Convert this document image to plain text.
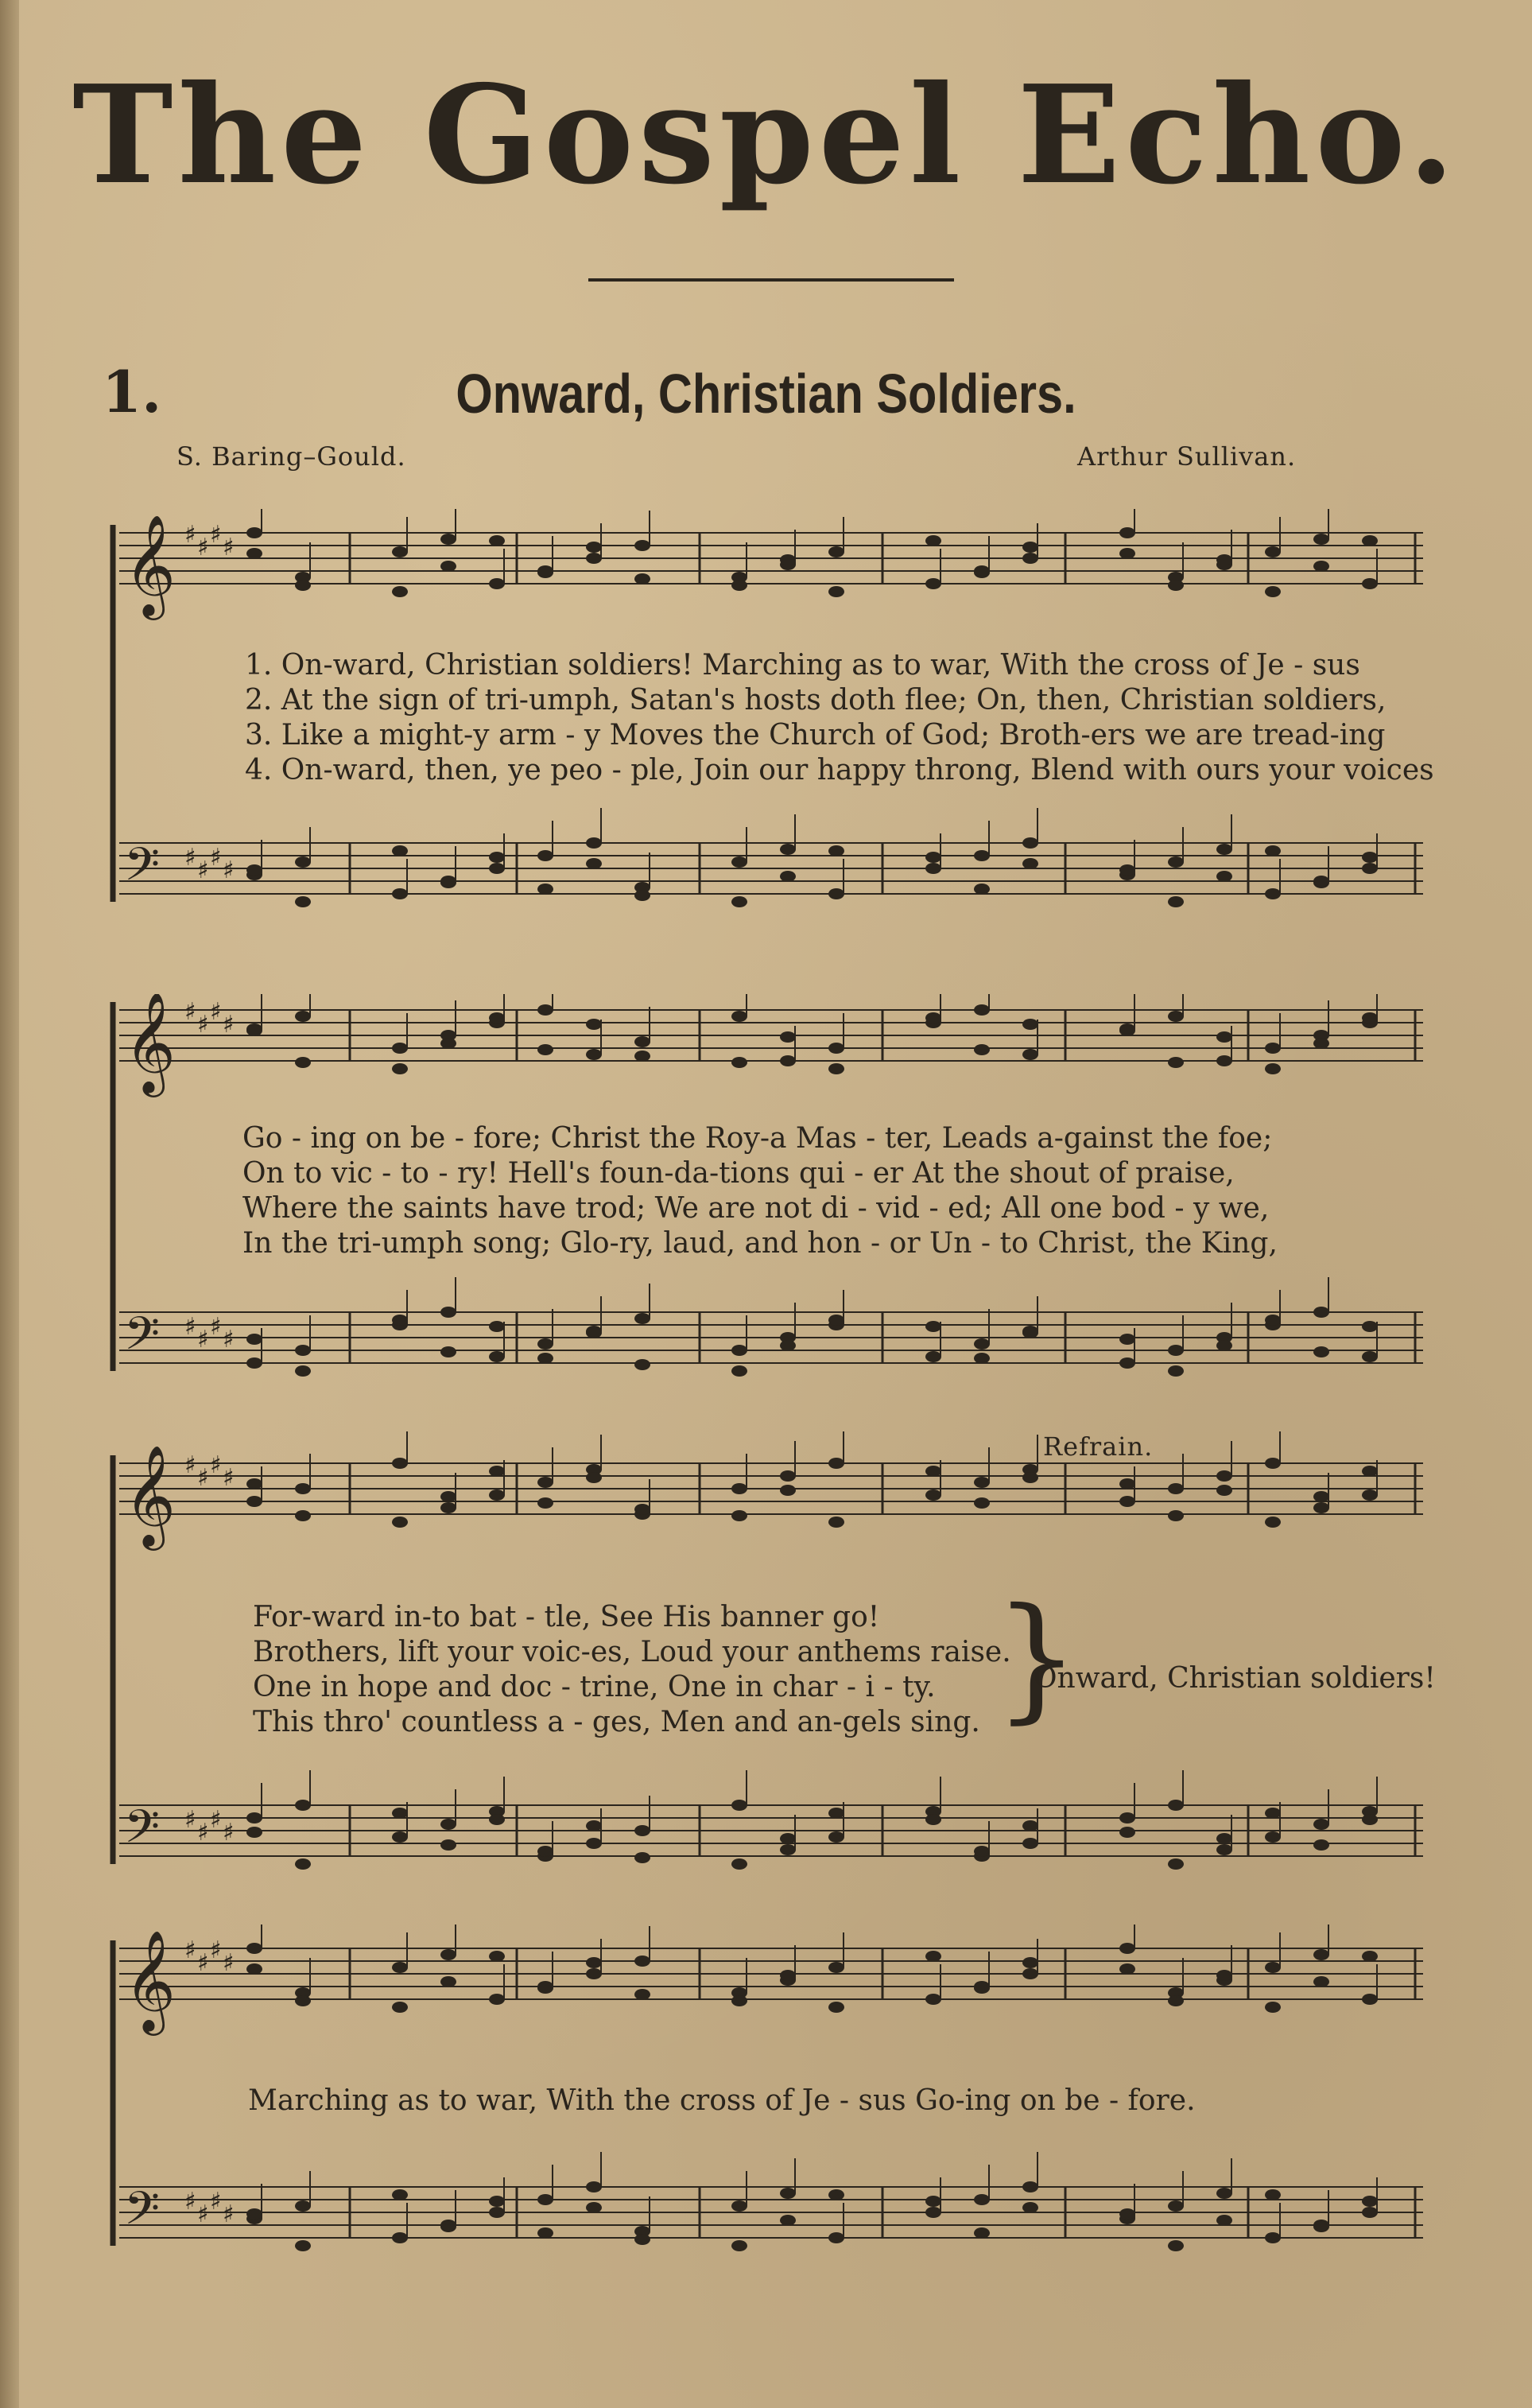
The Gospel Echo.
1.	Onward, Christian Soldiers.
S. Baring–Gould.	Arthur Sullivan.
𝄞 ♯ ♯ ♯ ♯
𝄢 ♯ ♯ ♯ ♯
1. On-ward, Christian soldiers! Marching as to war, With the cross of Je - sus
2. At the sign of tri-umph, Satan's hosts doth flee; On, then, Christian soldiers,
3. Like a might-y arm - y Moves the Church of God; Broth-ers we are tread-ing
4. On-ward, then, ye peo - ple, Join our happy throng, Blend with ours your voices
𝄞 ♯ ♯ ♯ ♯
𝄢 ♯ ♯ ♯ ♯
Go - ing on be - fore; Christ the Roy-a Mas - ter, Leads a-gainst the foe;
On to vic - to - ry! Hell's foun-da-tions qui - er At the shout of praise,
Where the saints have trod; We are not di - vid - ed; All one bod - y we,
In the tri-umph song; Glo-ry, laud, and hon - or Un - to Christ, the King,
𝄞 ♯ ♯ ♯ ♯
𝄢 ♯ ♯ ♯ ♯
Refrain.
For-ward in-to bat - tle, See His banner go!
Brothers, lift your voic-es, Loud your anthems raise.
One in hope and doc - trine, One in char - i - ty.
This thro' countless a - ges, Men and an-gels sing. }
Onward, Christian soldiers!
𝄞 ♯ ♯ ♯ ♯
𝄢 ♯ ♯ ♯ ♯
Marching as to war, With the cross of Je - sus Go-ing on be - fore.
